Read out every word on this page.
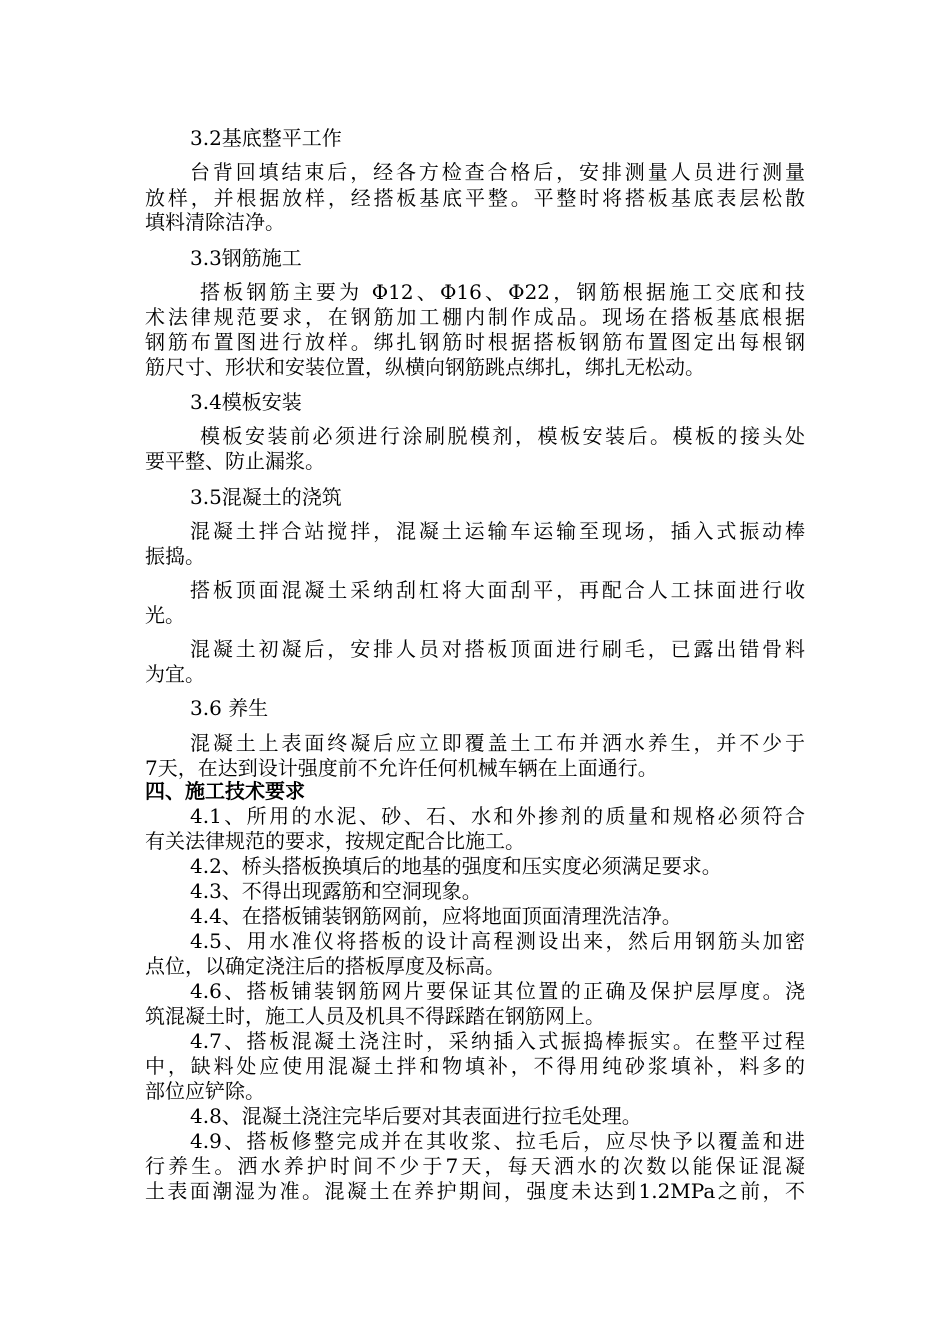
3.2基底整平工作
台背回填结束后，经各方检查合格后，安排测量人员进行测量
放样，并根据放样，经搭板基底平整。平整时将搭板基底表层松散
填料清除洁净。
3.3钢筋施工
搭板钢筋主要为 Φ12、Φ16、Φ22，钢筋根据施工交底和技
术法律规范要求，在钢筋加工棚内制作成品。现场在搭板基底根据
钢筋布置图进行放样。绑扎钢筋时根据搭板钢筋布置图定出每根钢
筋尺寸、形状和安装位置，纵横向钢筋跳点绑扎，绑扎无松动。
3.4模板安装
模板安装前必须进行涂刷脱模剂，模板安装后。模板的接头处
要平整、防止漏浆。
3.5混凝土的浇筑
混凝土拌合站搅拌，混凝土运输车运输至现场，插入式振动棒
振捣。
搭板顶面混凝土采纳刮杠将大面刮平，再配合人工抹面进行收
光。
混凝土初凝后，安排人员对搭板顶面进行刷毛，已露出错骨料
为宜。
3.6 养生
混凝土上表面终凝后应立即覆盖土工布并洒水养生，并不少于
7天，在达到设计强度前不允许任何机械车辆在上面通行。
四、施工技术要求
4.1、所用的水泥、砂、石、水和外掺剂的质量和规格必须符合
有关法律规范的要求，按规定配合比施工。
4.2、桥头搭板换填后的地基的强度和压实度必须满足要求。
4.3、不得出现露筋和空洞现象。
4.4、在搭板铺装钢筋网前，应将地面顶面清理洗洁净。
4.5、用水准仪将搭板的设计高程测设出来，然后用钢筋头加密
点位，以确定浇注后的搭板厚度及标高。
4.6、搭板铺装钢筋网片要保证其位置的正确及保护层厚度。浇
筑混凝土时，施工人员及机具不得踩踏在钢筋网上。
4.7、搭板混凝土浇注时，采纳插入式振捣棒振实。在整平过程
中，缺料处应使用混凝土拌和物填补，不得用纯砂浆填补，料多的
部位应铲除。
4.8、混凝土浇注完毕后要对其表面进行拉毛处理。
4.9、搭板修整完成并在其收浆、拉毛后，应尽快予以覆盖和进
行养生。洒水养护时间不少于7天，每天洒水的次数以能保证混凝
土表面潮湿为准。混凝土在养护期间，强度未达到1.2MPa之前，不
